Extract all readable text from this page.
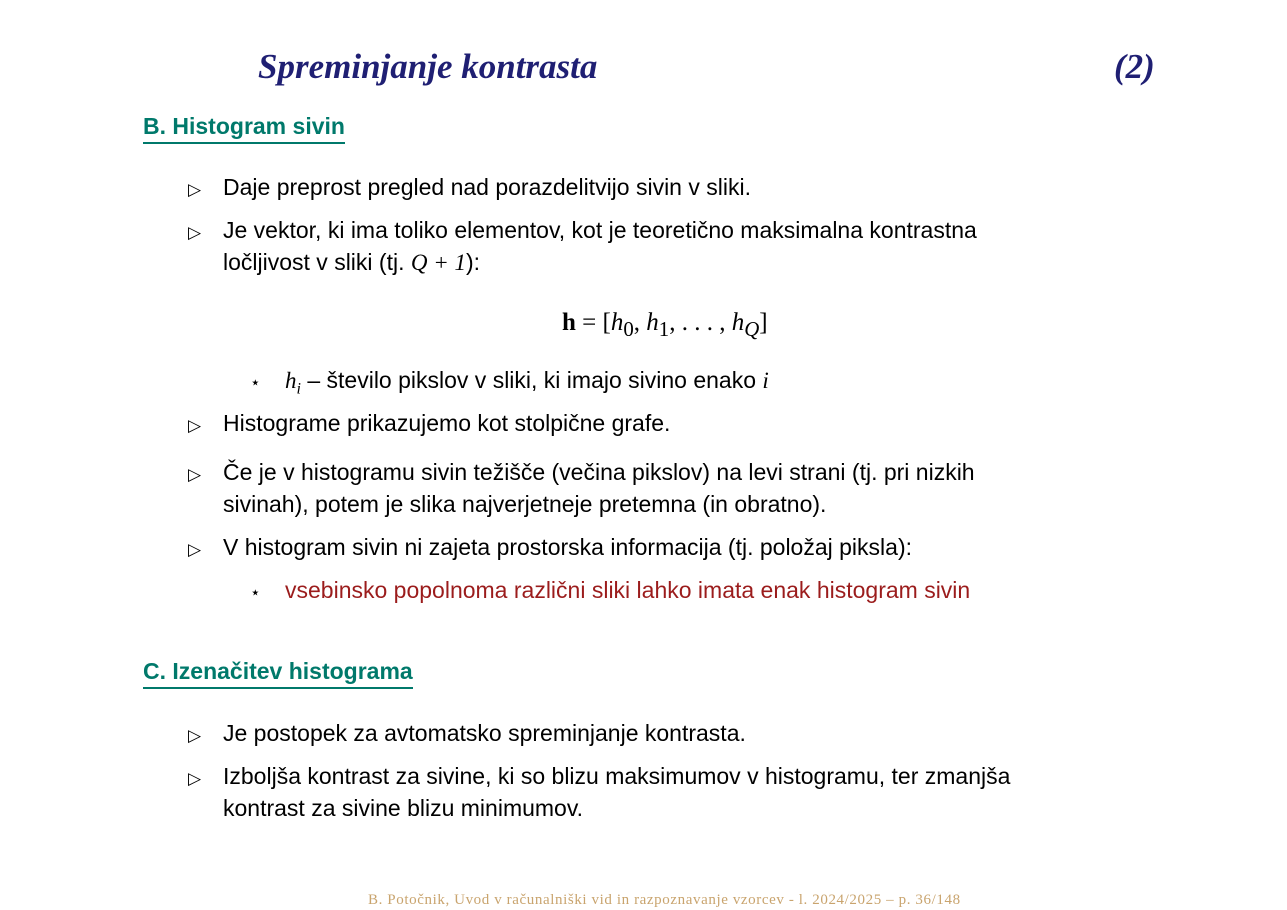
Spreminjanje kontrasta	(2)
B. Histogram sivin
▷ Daje preprost pregled nad porazdelitvijo sivin v sliki.
▷ Je vektor, ki ima toliko elementov, kot je teoretično maksimalna kontrastna
ločljivost v sliki (tj. Q + 1):
$h = [h_0$, $h_1$, . . . , $h_Q$]
⋆ $h_i$ – število pikslov v sliki, ki imajo sivino enako i
▷ Histograme prikazujemo kot stolpične grafe.
▷ Če je v histogramu sivin težišče (večina pikslov) na levi strani (tj. pri nizkih
sivinah), potem je slika najverjetneje pretemna (in obratno).
▷ V histogram sivin ni zajeta prostorska informacija (tj. položaj piksla):
⋆ vsebinsko popolnoma različni sliki lahko imata enak histogram sivin
C. Izenačitev histograma
▷ Je postopek za avtomatsko spreminjanje kontrasta.
▷ Izboljša kontrast za sivine, ki so blizu maksimumov v histogramu, ter zmanjša
kontrast za sivine blizu minimumov.
B. Potočnik, Uvod v računalniški vid in razpoznavanje vzorcev - l. 2024/2025 – p. 36/148
